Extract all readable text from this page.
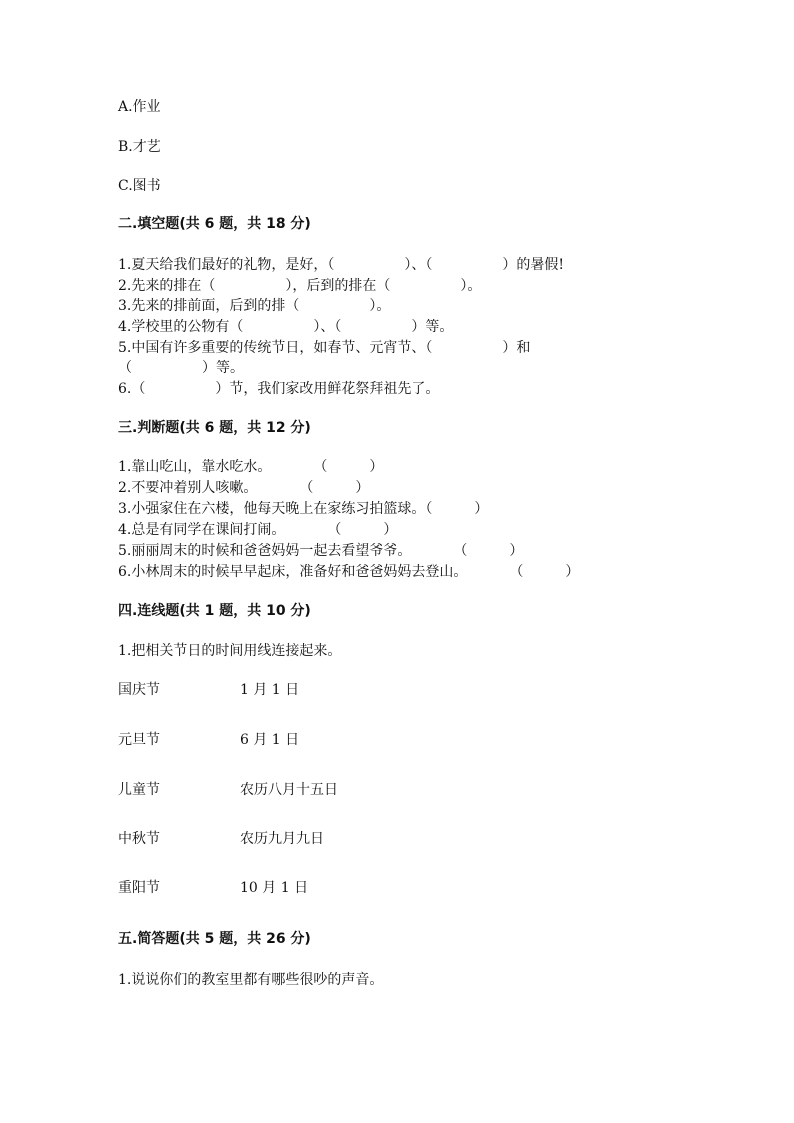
A.作业
B.才艺
C.图书
二.填空题(共 6 题，共 18 分)
1.夏天给我们最好的礼物，是好，（　　　　　）、（　　　　　）的暑假!
2.先来的排在（　　　　　），后到的排在（　　　　　）。
3.先来的排前面，后到的排（　　　　　）。
4.学校里的公物有（　　　　　）、（　　　　　）等。
5.中国有许多重要的传统节日，如春节、元宵节、（　　　　　）和
（　　　　　）等。
6.（　　　　　）节，我们家改用鲜花祭拜祖先了。
三.判断题(共 6 题，共 12 分)
1.靠山吃山，靠水吃水。　　　　（　　　）
2.不要冲着别人咳嗽。　　　　（　　　）
3.小强家住在六楼，他每天晚上在家练习拍篮球。（　　　）
4.总是有同学在课间打闹。　　　　（　　　）
5.丽丽周末的时候和爸爸妈妈一起去看望爷爷。　　　　（　　　）
6.小林周末的时候早早起床，准备好和爸爸妈妈去登山。　　　　（　　　）
四.连线题(共 1 题，共 10 分)
1.把相关节日的时间用线连接起来。
国庆节	1 月 1 日
元旦节	6 月 1 日
儿童节	农历八月十五日
中秋节	农历九月九日
重阳节	10 月 1 日
五.简答题(共 5 题，共 26 分)
1.说说你们的教室里都有哪些很吵的声音。
